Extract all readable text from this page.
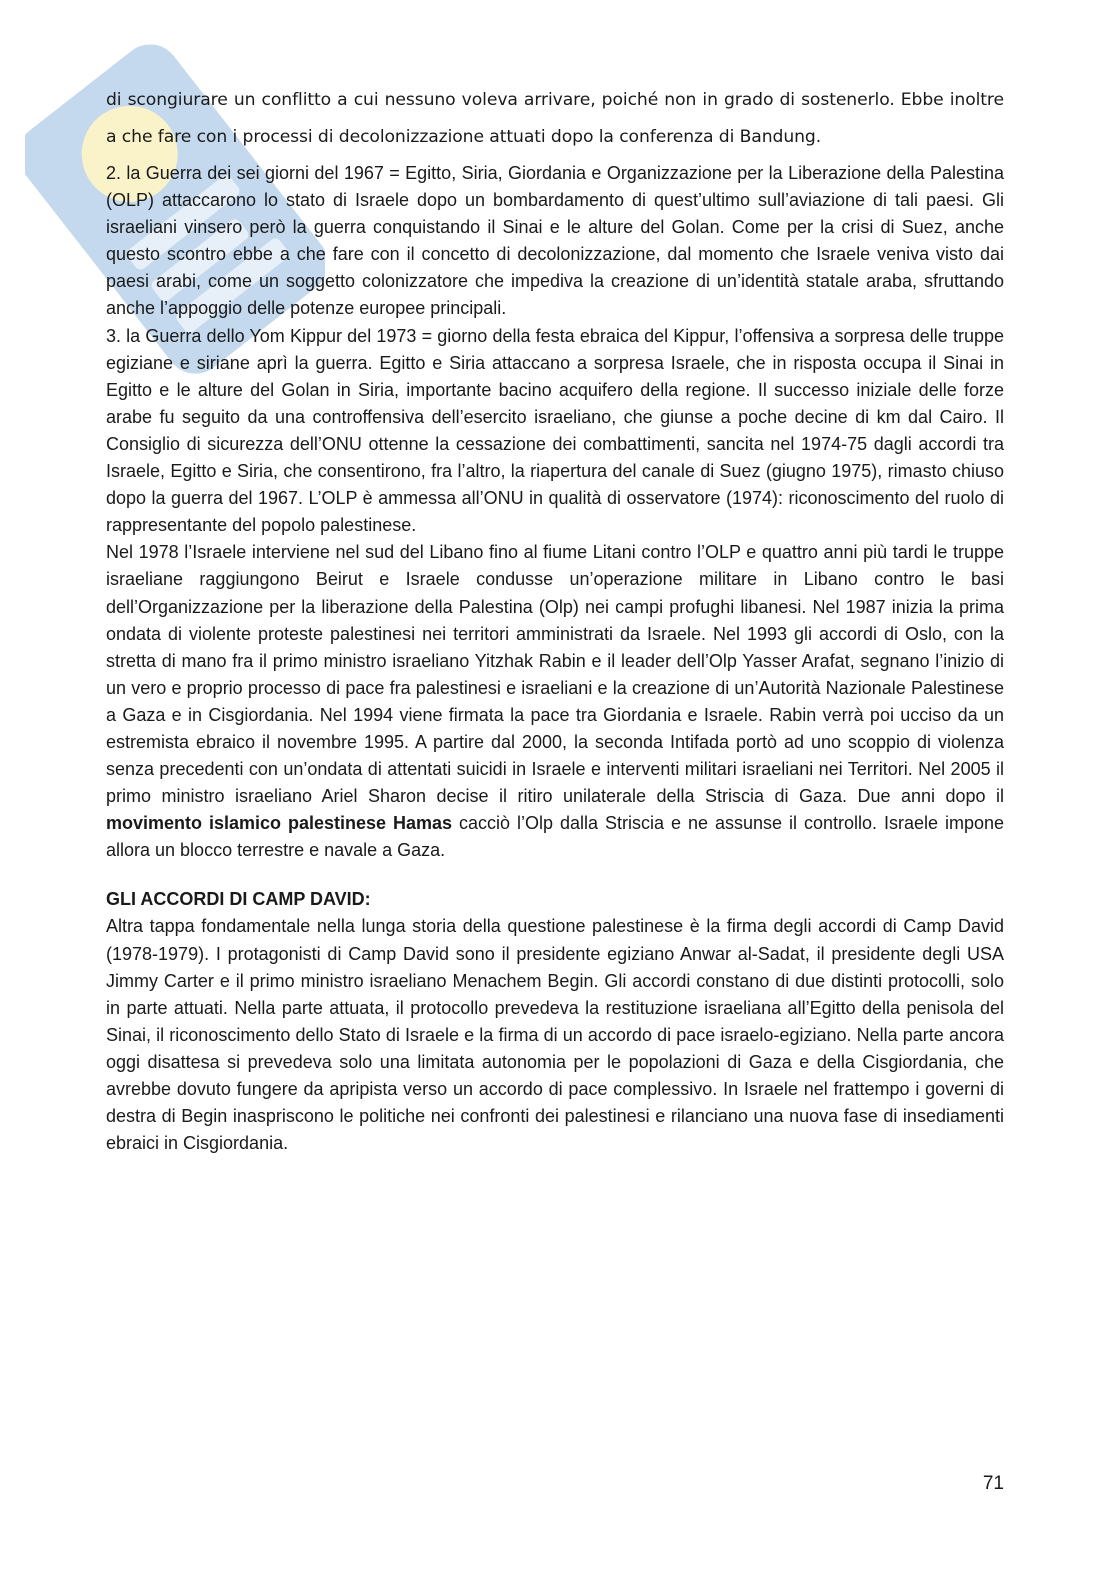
di scongiurare un conflitto a cui nessuno voleva arrivare, poiché non in grado di sostenerlo. Ebbe inoltre a che fare con i processi di decolonizzazione attuati dopo la conferenza di Bandung.

2. la Guerra dei sei giorni del 1967 = Egitto, Siria, Giordania e Organizzazione per la Liberazione della Palestina (OLP) attaccarono lo stato di Israele dopo un bombardamento di quest’ultimo sull’aviazione di tali paesi. Gli israeliani vinsero però la guerra conquistando il Sinai e le alture del Golan. Come per la crisi di Suez, anche questo scontro ebbe a che fare con il concetto di decolonizzazione, dal momento che Israele veniva visto dai paesi arabi, come un soggetto colonizzatore che impediva la creazione di un’identità statale araba, sfruttando anche l’appoggio delle potenze europee principali.

3. la Guerra dello Yom Kippur del 1973 = giorno della festa ebraica del Kippur, l’offensiva a sorpresa delle truppe egiziane e siriane aprì la guerra. Egitto e Siria attaccano a sorpresa Israele, che in risposta occupa il Sinai in Egitto e le alture del Golan in Siria, importante bacino acquifero della regione. Il successo iniziale delle forze arabe fu seguito da una controffensiva dell’esercito israeliano, che giunse a poche decine di km dal Cairo. Il Consiglio di sicurezza dell’ONU ottenne la cessazione dei combattimenti, sancita nel 1974-75 dagli accordi tra Israele, Egitto e Siria, che consentirono, fra l’altro, la riapertura del canale di Suez (giugno 1975), rimasto chiuso dopo la guerra del 1967. L’OLP è ammessa all’ONU in qualità di osservatore (1974): riconoscimento del ruolo di rappresentante del popolo palestinese.

Nel 1978 l’Israele interviene nel sud del Libano fino al fiume Litani contro l’OLP e quattro anni più tardi le truppe israeliane raggiungono Beirut e Israele condusse un’operazione militare in Libano contro le basi dell’Organizzazione per la liberazione della Palestina (Olp) nei campi profughi libanesi. Nel 1987 inizia la prima ondata di violente proteste palestinesi nei territori amministrati da Israele. Nel 1993 gli accordi di Oslo, con la stretta di mano fra il primo ministro israeliano Yitzhak Rabin e il leader dell’Olp Yasser Arafat, segnano l’inizio di un vero e proprio processo di pace fra palestinesi e israeliani e la creazione di un’Autorità Nazionale Palestinese a Gaza e in Cisgiordania. Nel 1994 viene firmata la pace tra Giordania e Israele. Rabin verrà poi ucciso da un estremista ebraico il novembre 1995. A partire dal 2000, la seconda Intifada portò ad uno scoppio di violenza senza precedenti con un’ondata di attentati suicidi in Israele e interventi militari israeliani nei Territori. Nel 2005 il primo ministro israeliano Ariel Sharon decise il ritiro unilaterale della Striscia di Gaza. Due anni dopo il movimento islamico palestinese Hamas cacciò l’Olp dalla Striscia e ne assunse il controllo. Israele impone allora un blocco terrestre e navale a Gaza.

GLI ACCORDI DI CAMP DAVID:

Altra tappa fondamentale nella lunga storia della questione palestinese è la firma degli accordi di Camp David (1978-1979). I protagonisti di Camp David sono il presidente egiziano Anwar al-Sadat, il presidente degli USA Jimmy Carter e il primo ministro israeliano Menachem Begin. Gli accordi constano di due distinti protocolli, solo in parte attuati. Nella parte attuata, il protocollo prevedeva la restituzione israeliana all’Egitto della penisola del Sinai, il riconoscimento dello Stato di Israele e la firma di un accordo di pace israelo-egiziano. Nella parte ancora oggi disattesa si prevedeva solo una limitata autonomia per le popolazioni di Gaza e della Cisgiordania, che avrebbe dovuto fungere da apripista verso un accordo di pace complessivo. In Israele nel frattempo i governi di destra di Begin inaspriscono le politiche nei confronti dei palestinesi e rilanciano una nuova fase di insediamenti ebraici in Cisgiordania.

71
